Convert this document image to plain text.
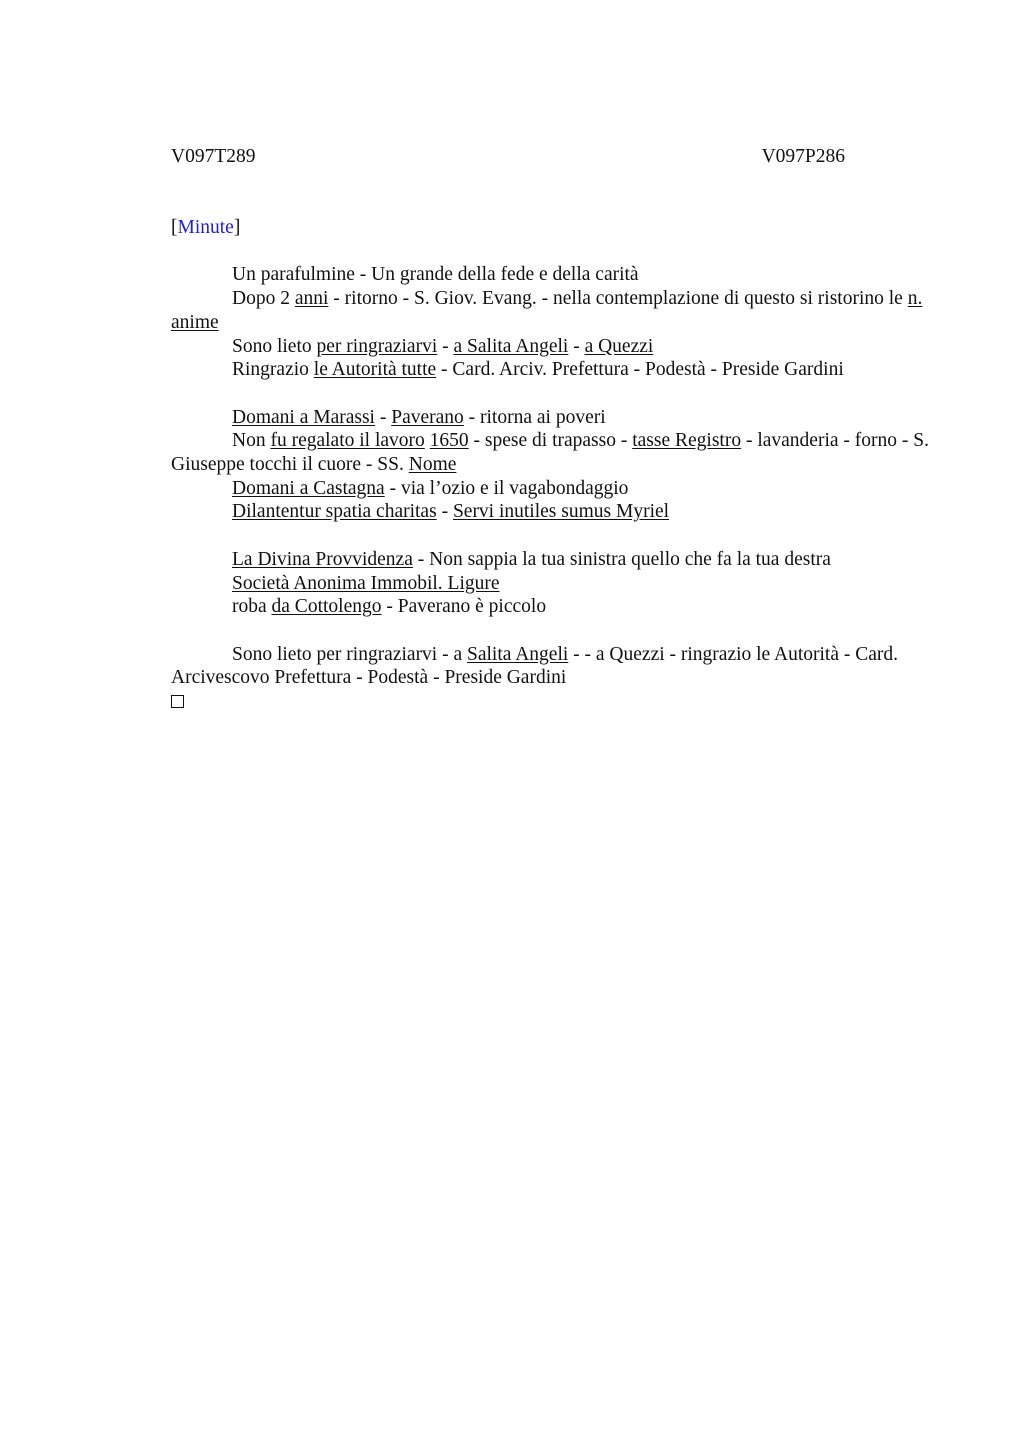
V097T289	V097P286

[Minute]

Un parafulmine - Un grande della fede e della carità

Dopo 2 anni - ritorno - S. Giov. Evang. - nella contemplazione di questo si ristorino le n. anime

Sono lieto per ringraziarvi - a Salita Angeli - a Quezzi

Ringrazio le Autorità tutte - Card. Arciv. Prefettura - Podestà - Preside Gardini

Domani a Marassi - Paverano - ritorna ai poveri

Non fu regalato il lavoro 1650 - spese di trapasso - tasse Registro - lavanderia - forno - S. Giuseppe tocchi il cuore - SS. Nome

Domani a Castagna - via l’ozio e il vagabondaggio

Dilantentur spatia charitas - Servi inutiles sumus Myriel

La Divina Provvidenza - Non sappia la tua sinistra quello che fa la tua destra

Società Anonima Immobil. Ligure

roba da Cottolengo - Paverano è piccolo

Sono lieto per ringraziarvi - a Salita Angeli - - a Quezzi - ringrazio le Autorità - Card. Arcivescovo Prefettura - Podestà - Preside Gardini
